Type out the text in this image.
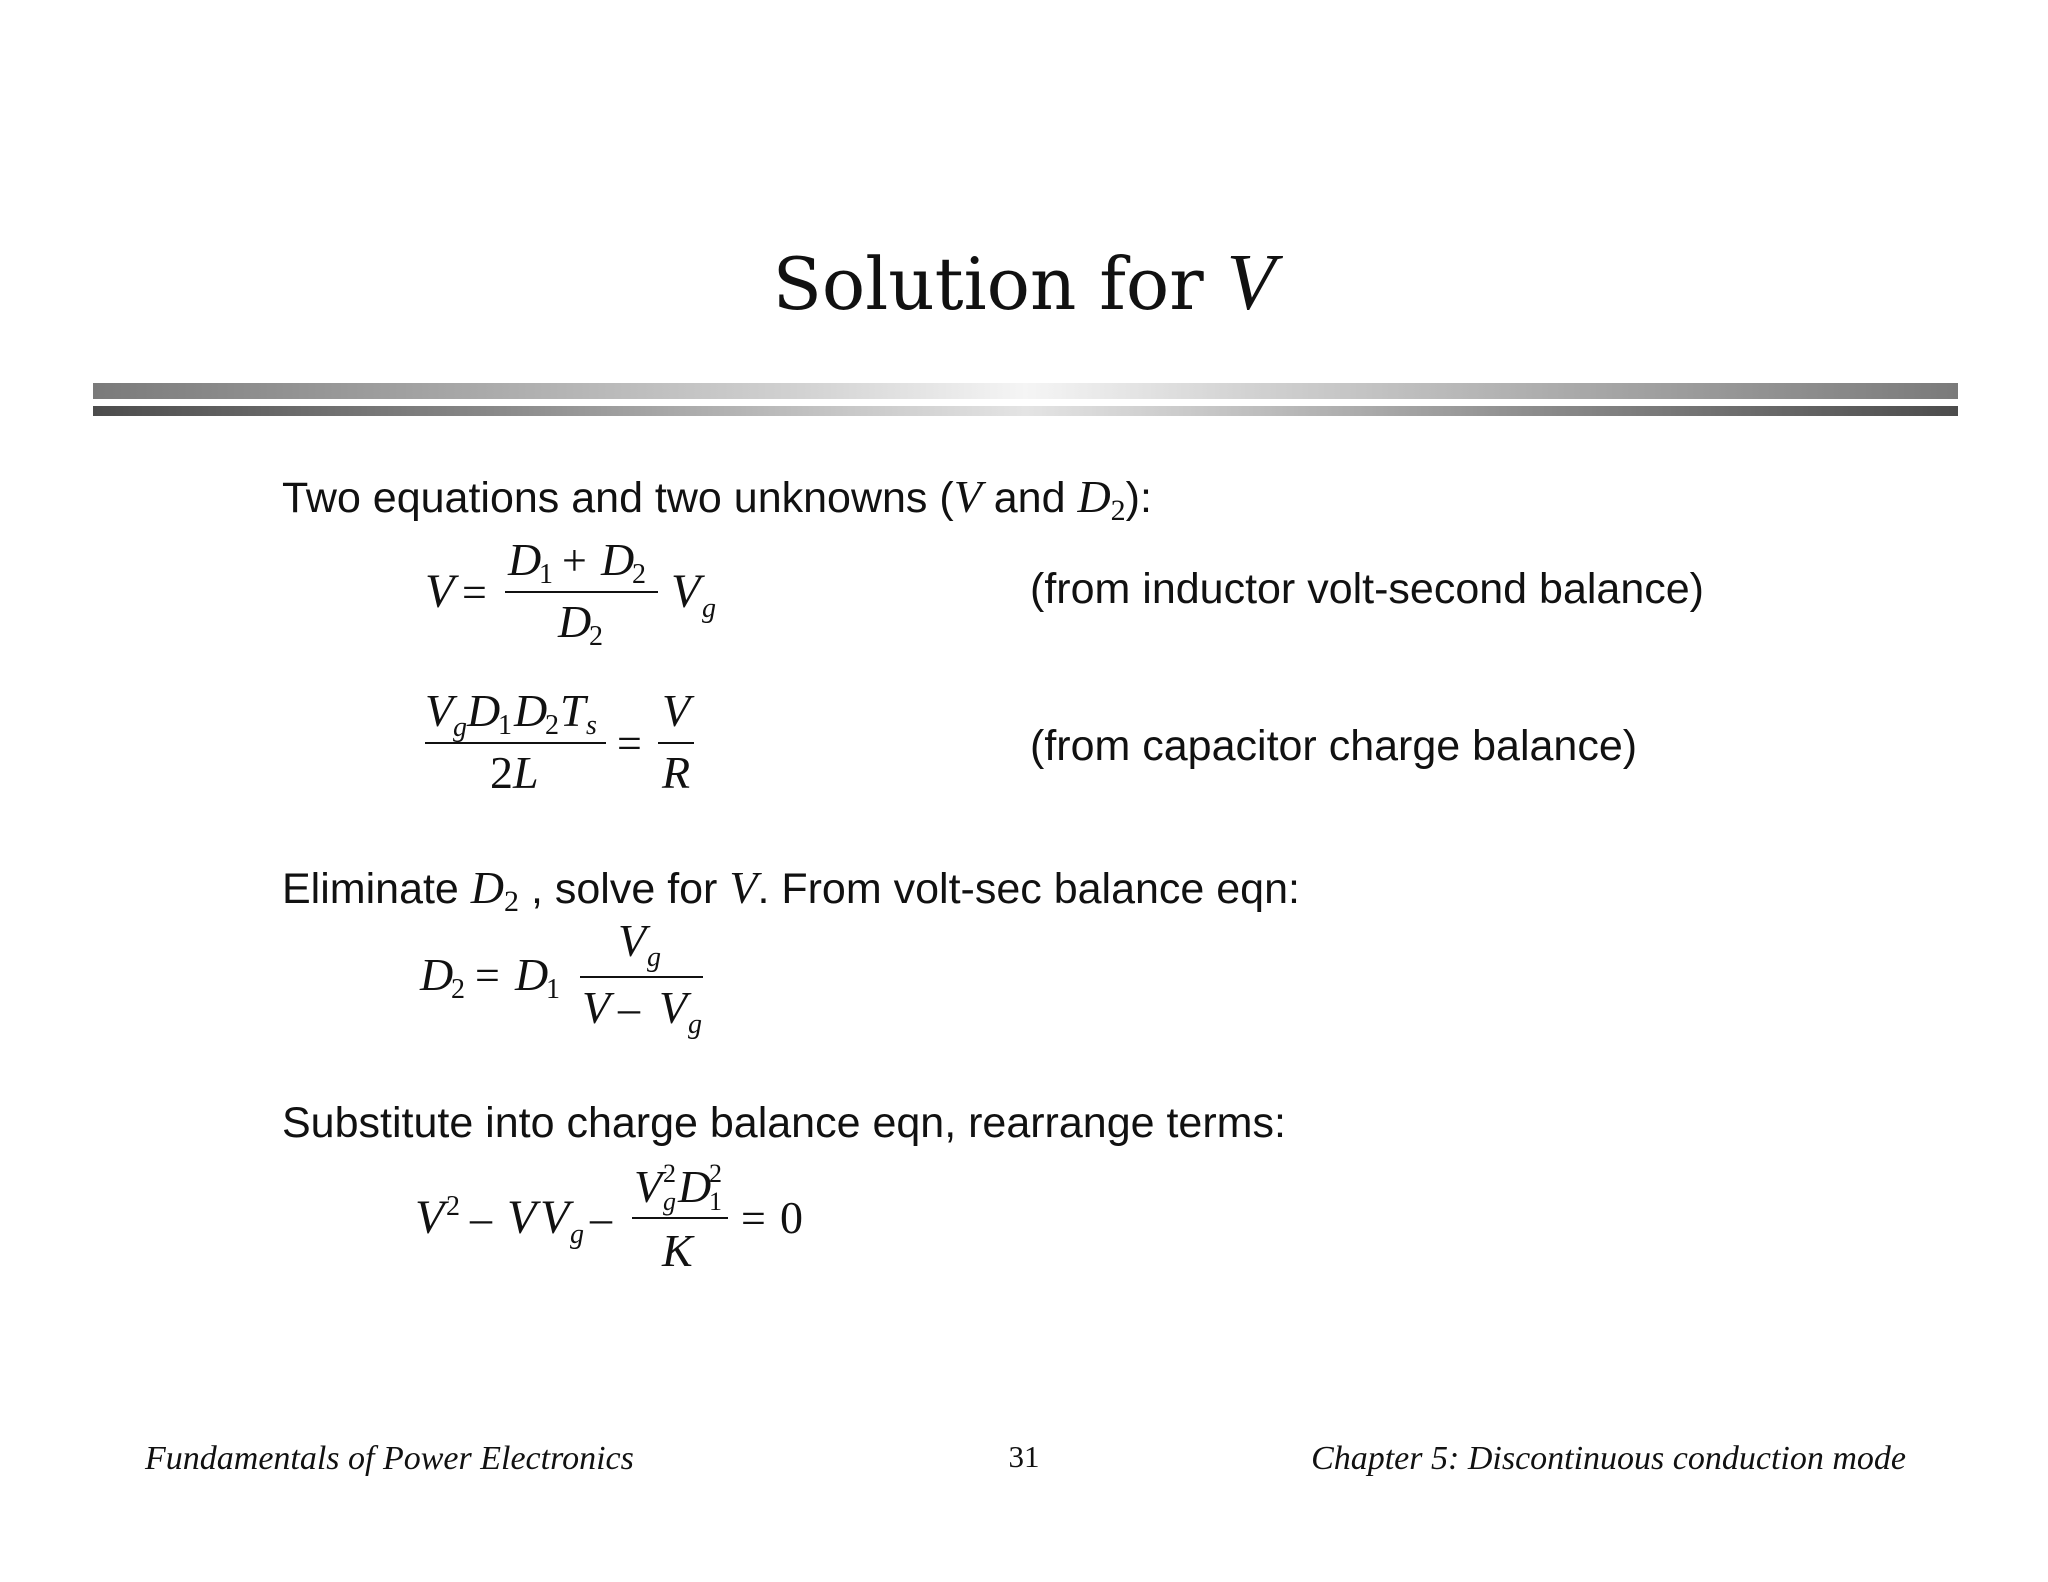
Solution for V
Two equations and two unknowns (V and $D_2$):
V =
D
1 + D
2
D
2
V g	(from inductor volt-second balance)
V g D
1 D
2 T s
2 L
=
V
R
(from capacitor charge balance)
Eliminate $D_2$ , solve for V. From volt-sec balance eqn:
D
2 = D
1
V g
V – V g
Substitute into charge balance eqn, rearrange terms:
V 2 – V V g –
V 2
g D
2
1
K
= 0
Fundamentals of Power Electronics	31	Chapter 5: Discontinuous conduction mode
